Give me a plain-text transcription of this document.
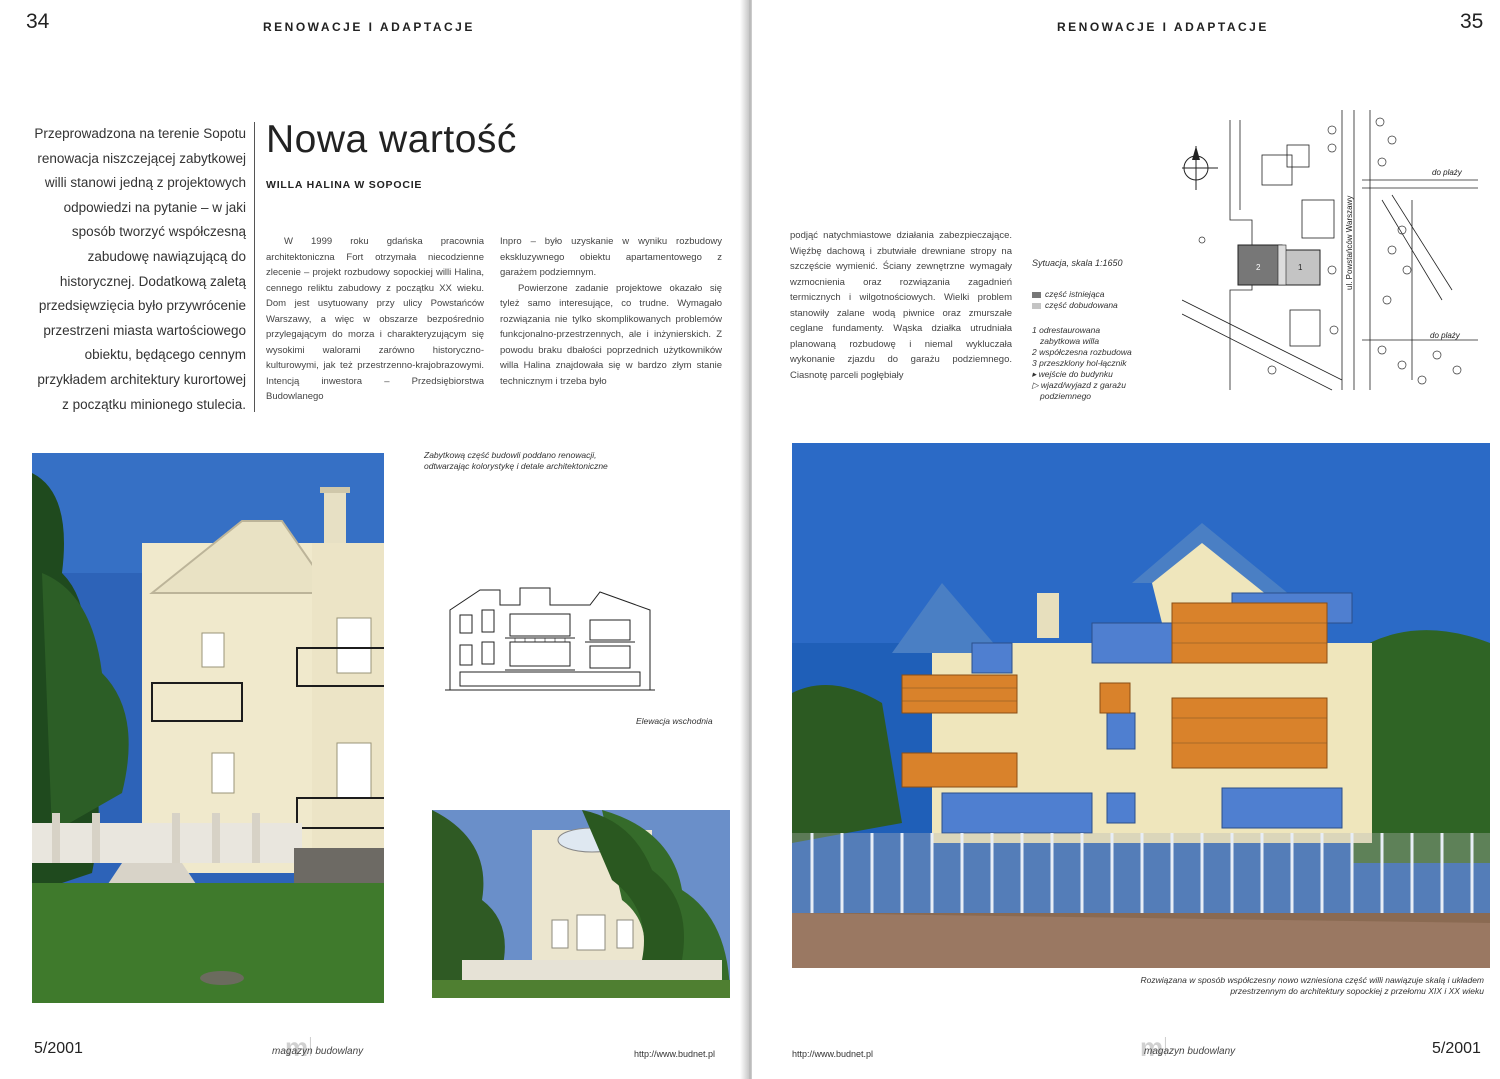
34	RENOWACJE I ADAPTACJE
Przeprowadzona na terenie Sopotu renowacja niszczejącej zabytkowej willi stanowi jedną z projektowych odpowiedzi na pytanie – w jaki sposób tworzyć współczesną zabudowę nawiązującą do historycznej. Dodatkową zaletą przedsięwzięcia było przywrócenie przestrzeni miasta wartościowego obiektu, będącego cennym przykładem architektury kurortowej z początku minionego stulecia.
Nowa wartość
WILLA HALINA W SOPOCIE

W 1999 roku gdańska pracownia architektoniczna Fort otrzymała niecodzienne zlecenie – projekt rozbudowy sopockiej willi Halina, cennego reliktu zabudowy z początku XX wieku. Dom jest usytuowany przy ulicy Powstańców Warszawy, a więc w obszarze bezpośrednio przylegającym do morza i charakteryzującym się wysokimi walorami zarówno historyczno-kulturowymi, jak też przestrzenno-krajobrazowymi. Intencją inwestora – Przedsiębiorstwa Budowlanego

Inpro – było uzyskanie w wyniku rozbudowy ekskluzywnego obiektu apartamentowego z garażem podziemnym.

Powierzone zadanie projektowe okazało się tyleż samo interesujące, co trudne. Wymagało rozwiązania nie tylko skomplikowanych problemów funkcjonalno-przestrzennych, ale i inżynierskich. Z powodu braku dbałości poprzednich użytkowników willa Halina znajdowała się w bardzo złym stanie technicznym i trzeba było

Zabytkową część budowli poddano renowacji, odtwarzając kolorystykę i detale architektoniczne
Elewacja wschodnia
5/2001	m
magazyn budowlany	http://www.budnet.pl
RENOWACJE I ADAPTACJE	35

podjąć natychmiastowe działania zabezpieczające. Więźbę dachową i zbutwiałe drewniane stropy na szczęście wymienić. Ściany zewnętrzne wymagały wzmocnienia oraz rozwiązania zagadnień termicznych i wilgotnościowych. Wielki problem stanowiły zalane wodą piwnice oraz zmurszałe ceglane fundamenty. Wąska działka utrudniała planowaną rozbudowę i niemal wykluczała wykonanie zjazdu do garażu podziemnego. Ciasnotę parceli pogłębiały

Sytuacja, skala 1:1650
część istniejąca
część dobudowana
1 odrestaurowana
zabytkowa willa
2 współczesna rozbudowa
3 przeszklony hol-łącznik
▸ wejście do budynku
▷ wjazd/wyjazd z garażu
podziemnego
ul. Powstańców Warszawy
do plaży
do plaży
2	1
Rozwiązana w sposób współczesny nowo wzniesiona część willi nawiązuje skalą i układem przestrzennym do architektury sopockiej z przełomu XIX i XX wieku
http://www.budnet.pl	m
magazyn budowlany	5/2001
